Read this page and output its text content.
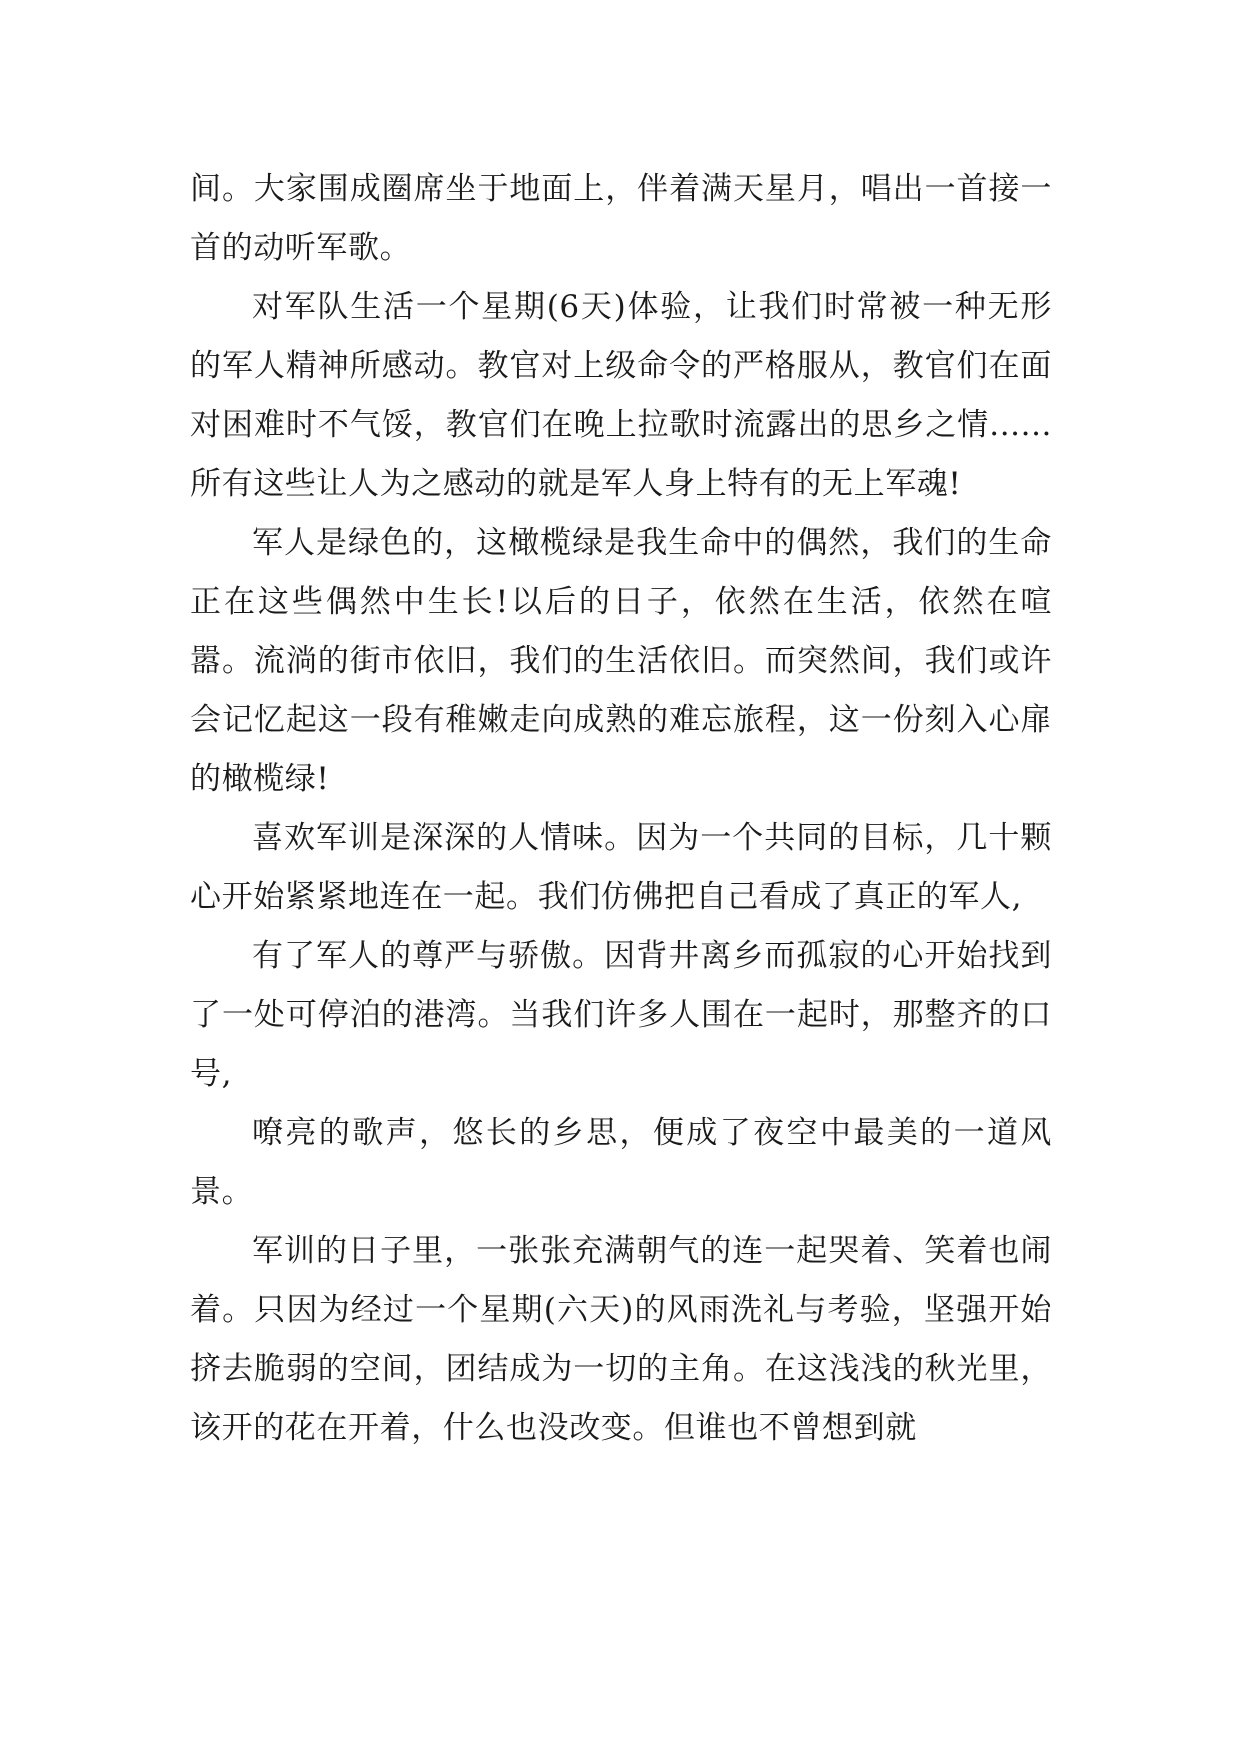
间。大家围成圈席坐于地面上，伴着满天星月，唱出一首接一首的动听军歌。

对军队生活一个星期(6天)体验，让我们时常被一种无形的军人精神所感动。教官对上级命令的严格服从，教官们在面对困难时不气馁，教官们在晚上拉歌时流露出的思乡之情......所有这些让人为之感动的就是军人身上特有的无上军魂!

军人是绿色的，这橄榄绿是我生命中的偶然，我们的生命正在这些偶然中生长!以后的日子，依然在生活，依然在喧嚣。流淌的街市依旧，我们的生活依旧。而突然间，我们或许会记忆起这一段有稚嫩走向成熟的难忘旅程，这一份刻入心扉的橄榄绿!

喜欢军训是深深的人情味。因为一个共同的目标，几十颗心开始紧紧地连在一起。我们仿佛把自己看成了真正的军人,

有了军人的尊严与骄傲。因背井离乡而孤寂的心开始找到了一处可停泊的港湾。当我们许多人围在一起时，那整齐的口号,

嘹亮的歌声，悠长的乡思，便成了夜空中最美的一道风景。

军训的日子里，一张张充满朝气的连一起哭着、笑着也闹着。只因为经过一个星期(六天)的风雨洗礼与考验，坚强开始挤去脆弱的空间，团结成为一切的主角。在这浅浅的秋光里，该开的花在开着，什么也没改变。但谁也不曾想到就
